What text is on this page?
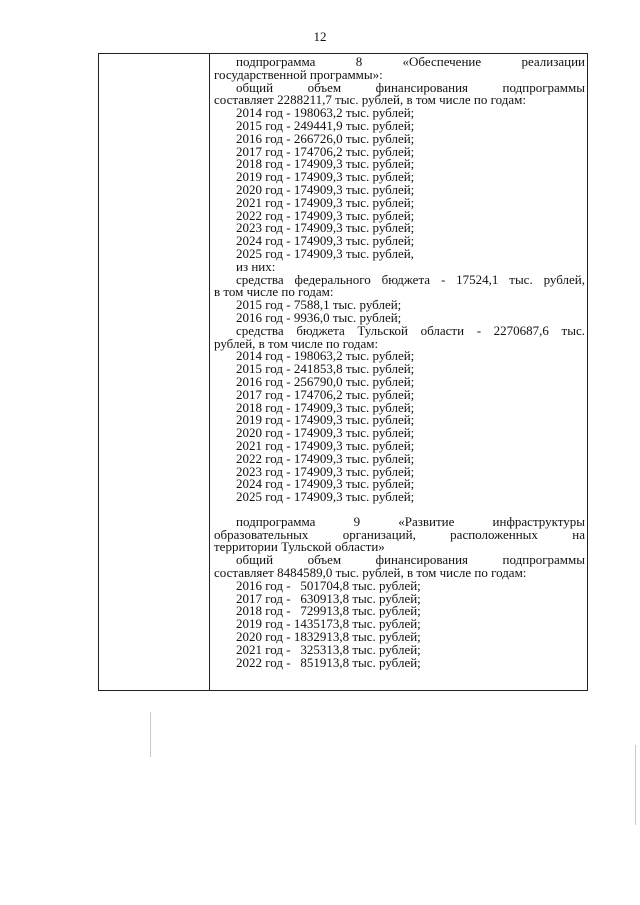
12

подпрограмма 8 «Обеспечение реализации
государственной программы»:
общий объем финансирования подпрограммы
составляет 2288211,7 тыс. рублей, в том числе по годам:
2014 год - 198063,2 тыс. рублей;
2015 год - 249441,9 тыс. рублей;
2016 год - 266726,0 тыс. рублей;
2017 год - 174706,2 тыс. рублей;
2018 год - 174909,3 тыс. рублей;
2019 год - 174909,3 тыс. рублей;
2020 год - 174909,3 тыс. рублей;
2021 год - 174909,3 тыс. рублей;
2022 год - 174909,3 тыс. рублей;
2023 год - 174909,3 тыс. рублей;
2024 год - 174909,3 тыс. рублей;
2025 год - 174909,3 тыс. рублей,
из них:
средства федерального бюджета - 17524,1 тыс. рублей,
в том числе по годам:
2015 год - 7588,1 тыс. рублей;
2016 год - 9936,0 тыс. рублей;
средства бюджета Тульской области - 2270687,6 тыс.
рублей, в том числе по годам:
2014 год - 198063,2 тыс. рублей;
2015 год - 241853,8 тыс. рублей;
2016 год - 256790,0 тыс. рублей;
2017 год - 174706,2 тыс. рублей;
2018 год - 174909,3 тыс. рублей;
2019 год - 174909,3 тыс. рублей;
2020 год - 174909,3 тыс. рублей;
2021 год - 174909,3 тыс. рублей;
2022 год - 174909,3 тыс. рублей;
2023 год - 174909,3 тыс. рублей;
2024 год - 174909,3 тыс. рублей;
2025 год - 174909,3 тыс. рублей;
подпрограмма 9 «Развитие инфраструктуры
образовательных организаций, расположенных на
территории Тульской области»
общий объем финансирования подпрограммы
составляет 8484589,0 тыс. рублей, в том числе по годам:
2016 год -   501704,8 тыс. рублей;
2017 год -   630913,8 тыс. рублей;
2018 год -   729913,8 тыс. рублей;
2019 год - 1435173,8 тыс. рублей;
2020 год - 1832913,8 тыс. рублей;
2021 год -   325313,8 тыс. рублей;
2022 год -   851913,8 тыс. рублей;
